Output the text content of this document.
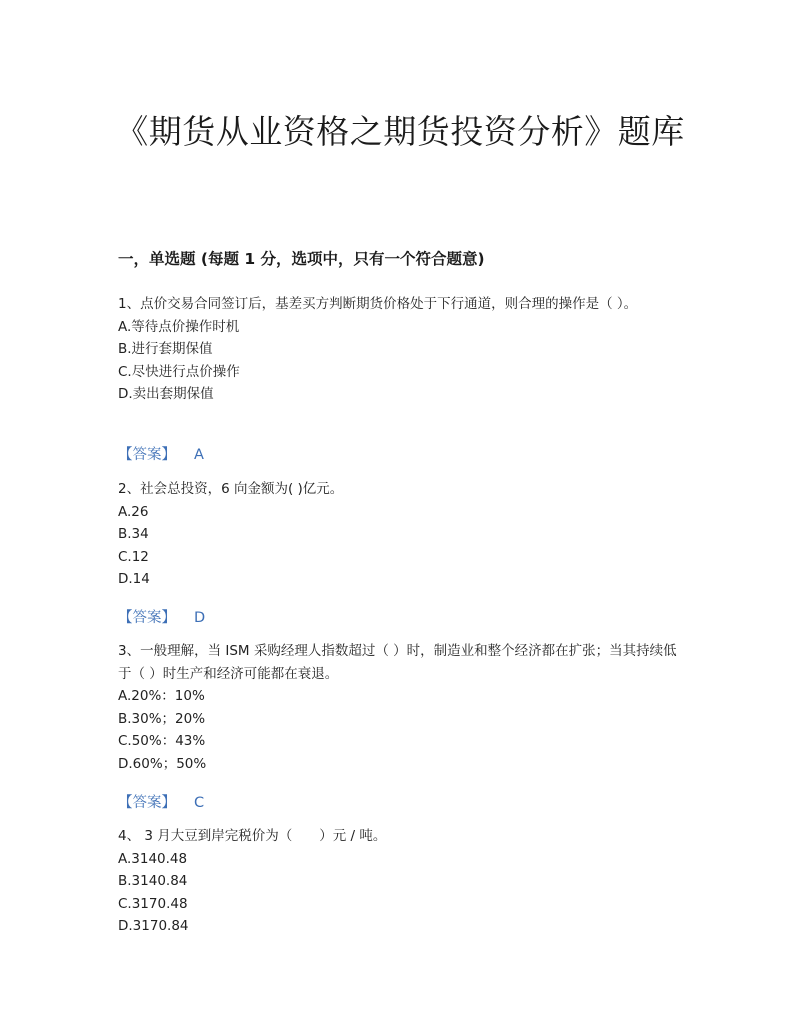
《期货从业资格之期货投资分析》题库
一，单选题 (每题 1 分，选项中，只有一个符合题意)

1、点价交易合同签订后，基差买方判断期货价格处于下行通道，则合理的操作是（ ）。

A.等待点价操作时机

B.进行套期保值

C.尽快进行点价操作

D.卖出套期保值

【答案】 A

2、社会总投资，6 向金额为( )亿元。

A.26

B.34

C.12

D.14

【答案】 D

3、一般理解，当 ISM 采购经理人指数超过（ ）时，制造业和整个经济都在扩张；当其持续低于（ ）时生产和经济可能都在衰退。

A.20%：10%

B.30%；20%

C.50%：43%

D.60%；50%

【答案】 C

4、 3 月大豆到岸完税价为（　　）元 / 吨。

A.3140.48

B.3140.84

C.3170.48

D.3170.84
